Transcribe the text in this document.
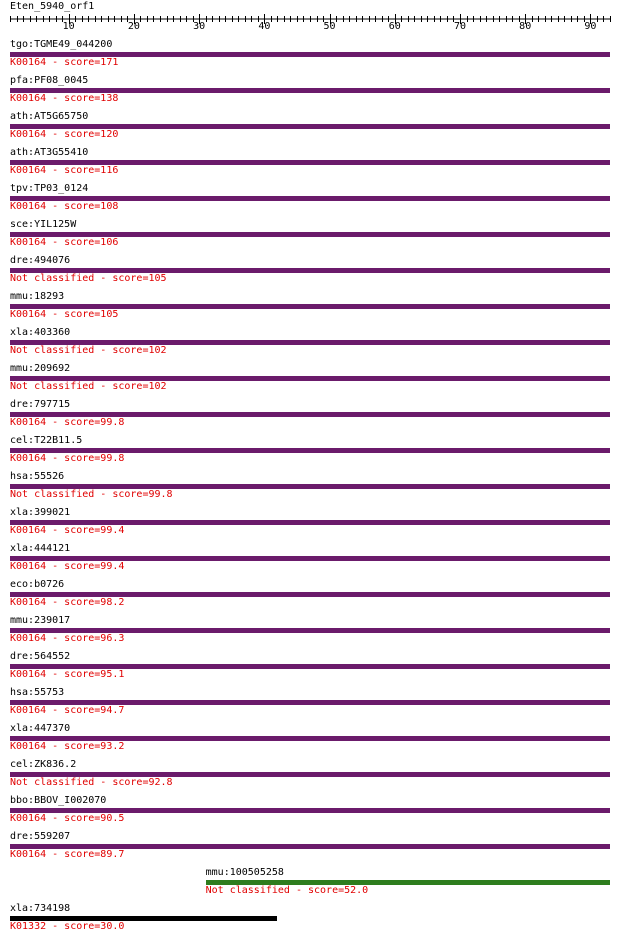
Eten_5940_orf1
tgo:TGME49_044200
K00164 - score=171
pfa:PF08_0045
K00164 - score=138
ath:AT5G65750
K00164 - score=120
ath:AT3G55410
K00164 - score=116
tpv:TP03_0124
K00164 - score=108
sce:YIL125W
K00164 - score=106
dre:494076
Not classified - score=105
mmu:18293
K00164 - score=105
xla:403360
Not classified - score=102
mmu:209692
Not classified - score=102
dre:797715
K00164 - score=99.8
cel:T22B11.5
K00164 - score=99.8
hsa:55526
Not classified - score=99.8
xla:399021
K00164 - score=99.4
xla:444121
K00164 - score=99.4
eco:b0726
K00164 - score=98.2
mmu:239017
K00164 - score=96.3
dre:564552
K00164 - score=95.1
hsa:55753
K00164 - score=94.7
xla:447370
K00164 - score=93.2
cel:ZK836.2
Not classified - score=92.8
bbo:BBOV_I002070
K00164 - score=90.5
dre:559207
K00164 - score=89.7
mmu:100505258
Not classified - score=52.0
xla:734198
K01332 - score=30.0
10	20	30	40	50	60	70	80	90
